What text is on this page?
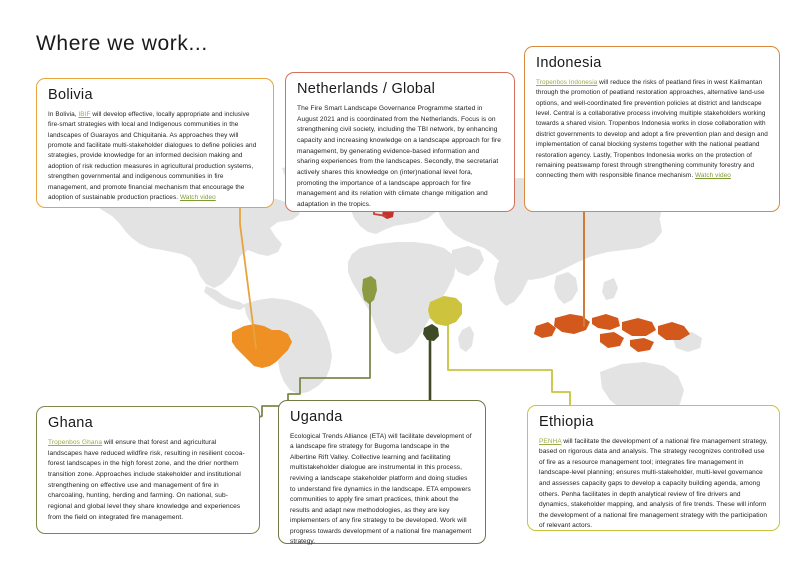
Where we work...
Bolivia
In Bolivia, IBIF will develop effective, locally appropriate and inclusive fire-smart strategies with local and Indigenous communities in the landscapes of Guarayos and Chiquitania. As approaches they will promote and facilitate multi-stakeholder dialogues to define policies and strategies, provide knowledge for an informed decision making and adoption of risk reduction measures in agricultural production systems, strengthen governmental and indigenous communities in fire management, and promote financial mechanism that encourage the adoption of sustainable production practices. Watch video
Netherlands / Global
The Fire Smart Landscape Governance Programme started in August 2021 and is coordinated from the Netherlands. Focus is on strengthening civil society, including the TBI network, by enhancing capacity and increasing knowledge on a landscape approach for fire management, by generating evidence-based information and sharing experiences from the landscapes. Secondly, the secretariat actively shares this knowledge on (inter)national level fora, promoting the importance of a landscape approach for fire management and its relation with climate change mitigation and adaptation in the tropics.
Indonesia
Tropenbos Indonesia will reduce the risks of peatland fires in west Kalimantan through the promotion of peatland restoration approaches, alternative land-use options, and well-coordinated fire prevention policies at district and landscape level. Central is a collaborative process involving multiple stakeholders working towards a shared vision. Tropenbos Indonesia works in close collaboration with district governments to develop and adopt a fire prevention plan and design and implementation of canal blocking systems together with the national peatland restoration agency. Lastly, Tropenbos Indonesia works on the protection of remaining peatswamp forest through strengthening community forestry and connecting them with responsible finance mechanism. Watch video
Ghana
Tropenbos Ghana will ensure that forest and agricultural landscapes have reduced wildfire risk, resulting in resilient cocoa-forest landscapes in the high forest zone, and the drier northern transition zone. Approaches include stakeholder and institutional strengthening on effective use and management of fire in charcoaling, hunting, herding and farming. On national, sub-regional and global level they share knowledge and experiences from the field on integrated fire management.
Uganda
Ecological Trends Alliance (ETA) will facilitate development of a landscape fire strategy for Bugoma landscape in the Albertine Rift Valley. Collective learning and facilitating multistakeholder dialogue are instrumental in this process, reviving a landscape stakeholder platform and doing studies to understand fire dynamics in the landscape. ETA empowers communities to apply fire smart practices, think about the results and adapt new methodologies, as they are key implementers of any fire strategy to be developed. Work will progress towards development of a national fire management strategy.
Ethiopia
PENHA will facilitate the development of a national fire management strategy, based on rigorous data and analysis. The strategy recognizes controlled use of fire as a resource management tool; integrates fire management in landscape-level planning; ensures multi-stakeholder, multi-level governance and assesses capacity gaps to develop a capacity building agenda, among others. Penha facilitates in depth analytical review of fire drivers and dynamics, stakeholder mapping, and analysis of fire trends. These will inform the development of a national fire management strategy with the participation of relevant actors.
